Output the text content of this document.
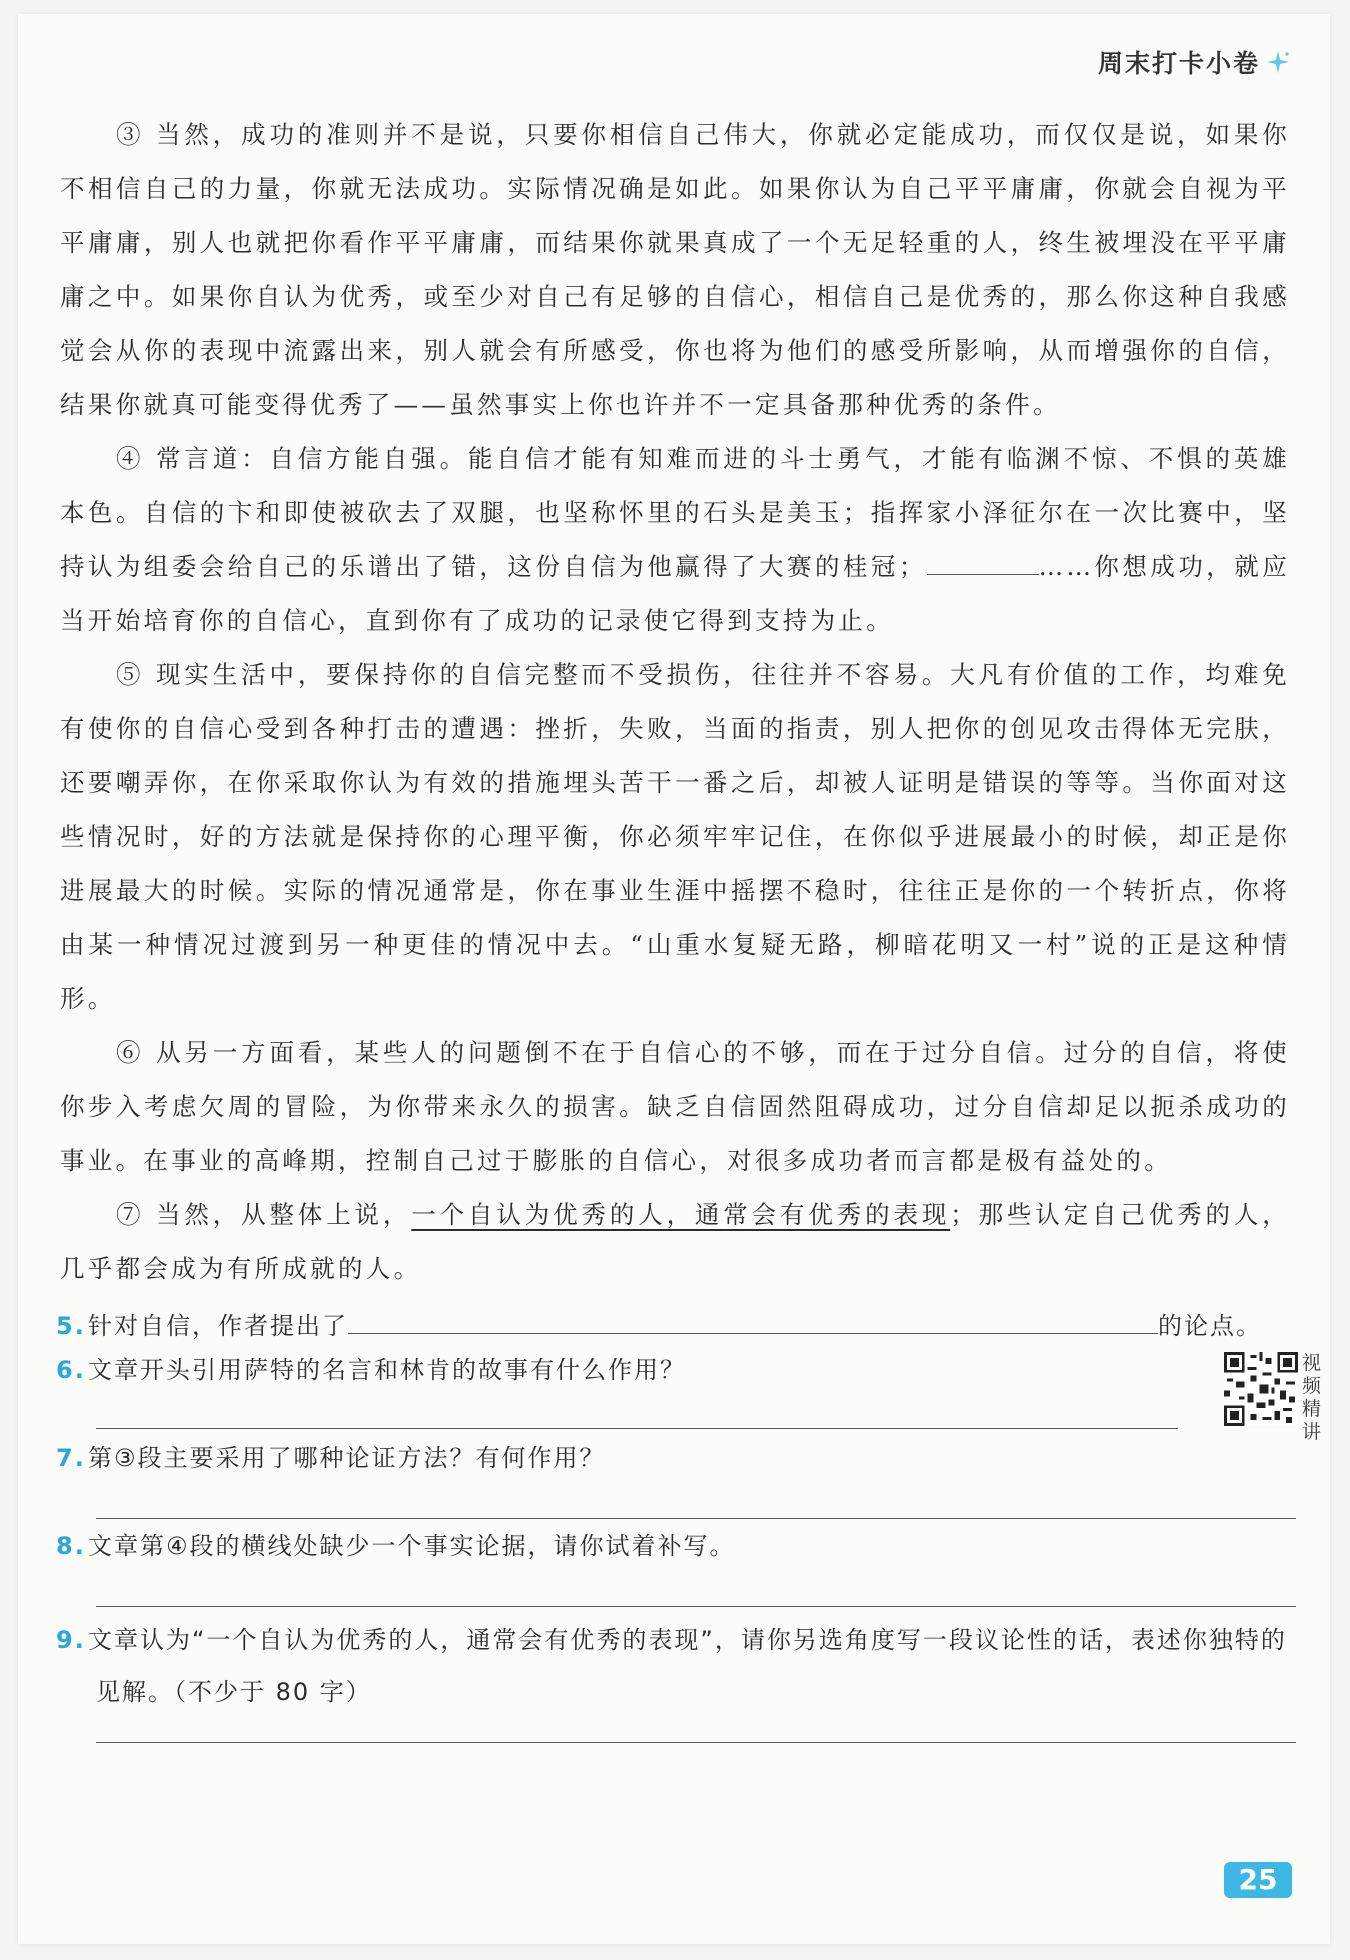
周末打卡小卷

③ 当然，成功的准则并不是说，只要你相信自己伟大，你就必定能成功，而仅仅是说，如果你不相信自己的力量，你就无法成功。实际情况确是如此。如果你认为自己平平庸庸，你就会自视为平平庸庸，别人也就把你看作平平庸庸，而结果你就果真成了一个无足轻重的人，终生被埋没在平平庸庸之中。如果你自认为优秀，或至少对自己有足够的自信心，相信自己是优秀的，那么你这种自我感觉会从你的表现中流露出来，别人就会有所感受，你也将为他们的感受所影响，从而增强你的自信，结果你就真可能变得优秀了——虽然事实上你也许并不一定具备那种优秀的条件。

④ 常言道：自信方能自强。能自信才能有知难而进的斗士勇气，才能有临渊不惊、不惧的英雄本色。自信的卞和即使被砍去了双腿，也坚称怀里的石头是美玉；指挥家小泽征尔在一次比赛中，坚持认为组委会给自己的乐谱出了错，这份自信为他赢得了大赛的桂冠；	……你想成功，就应当开始培育你的自信心，直到你有了成功的记录使它得到支持为止。

⑤ 现实生活中，要保持你的自信完整而不受损伤，往往并不容易。大凡有价值的工作，均难免有使你的自信心受到各种打击的遭遇：挫折，失败，当面的指责，别人把你的创见攻击得体无完肤，还要嘲弄你，在你采取你认为有效的措施埋头苦干一番之后，却被人证明是错误的等等。当你面对这些情况时，好的方法就是保持你的心理平衡，你必须牢牢记住，在你似乎进展最小的时候，却正是你进展最大的时候。实际的情况通常是，你在事业生涯中摇摆不稳时，往往正是你的一个转折点，你将由某一种情况过渡到另一种更佳的情况中去。“山重水复疑无路，柳暗花明又一村”说的正是这种情形。

⑥ 从另一方面看，某些人的问题倒不在于自信心的不够，而在于过分自信。过分的自信，将使你步入考虑欠周的冒险，为你带来永久的损害。缺乏自信固然阻碍成功，过分自信却足以扼杀成功的事业。在事业的高峰期，控制自己过于膨胀的自信心，对很多成功者而言都是极有益处的。

⑦ 当然，从整体上说，一个自认为优秀的人，通常会有优秀的表现；那些认定自己优秀的人，几乎都会成为有所成就的人。

5.针对自信，作者提出了	的论点。
6.文章开头引用萨特的名言和林肯的故事有什么作用？
7.第③段主要采用了哪种论证方法？有何作用？
8.文章第④段的横线处缺少一个事实论据，请你试着补写。
9.文章认为“一个自认为优秀的人，通常会有优秀的表现”，请你另选角度写一段议论性的话，表述你独特的见解。（不少于 80 字）
视频精讲
25
